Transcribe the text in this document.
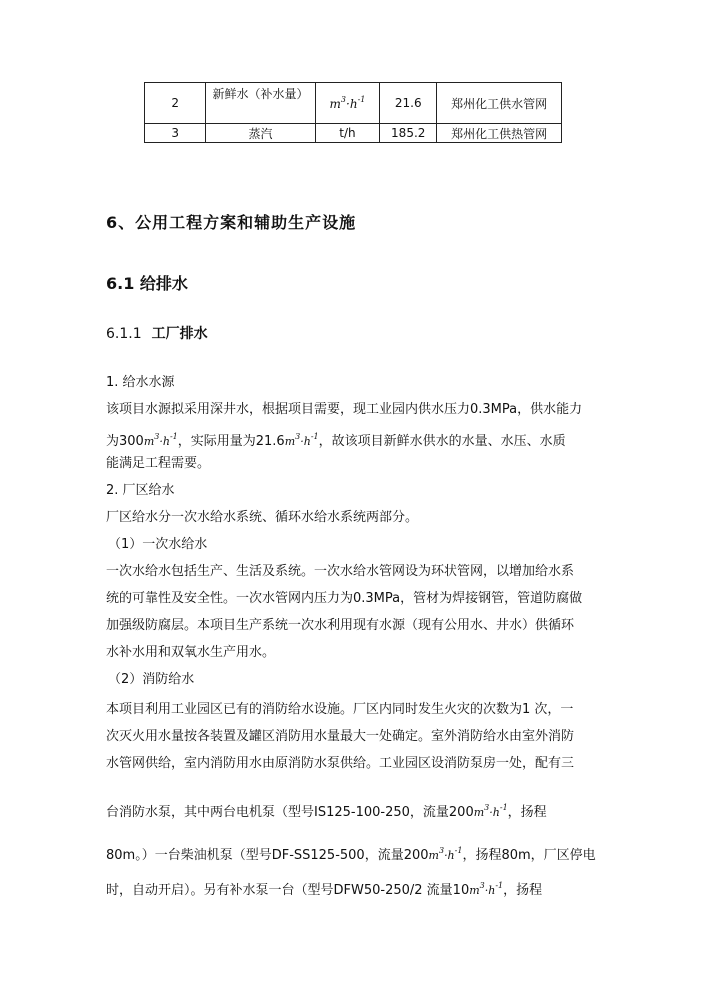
2	新鲜水（补水量）	$m^3\cdot h^{-1}$	21.6	郑州化工供水管网
3	蒸汽	t/h	185.2	郑州化工供热管网
6、公用工程方案和辅助生产设施
6.1 给排水
6.1.1 工厂排水
1. 给水水源
该项目水源拟采用深井水，根据项目需要，现工业园内供水压力0.3MPa，供水能力
为$300m^3\cdot h^{-1}$，实际用量为$21.6m^3\cdot h^{-1}$，故该项目新鲜水供水的水量、水压、水质
能满足工程需要。
2. 厂区给水
厂区给水分一次水给水系统、循环水给水系统两部分。
（1）一次水给水
一次水给水包括生产、生活及系统。一次水给水管网设为环状管网，以增加给水系
统的可靠性及安全性。一次水管网内压力为0.3MPa，管材为焊接钢管，管道防腐做
加强级防腐层。本项目生产系统一次水利用现有水源（现有公用水、井水）供循环
水补水用和双氧水生产用水。
（2）消防给水
本项目利用工业园区已有的消防给水设施。厂区内同时发生火灾的次数为1 次，一
次灭火用水量按各装置及罐区消防用水量最大一处确定。室外消防给水由室外消防
水管网供给，室内消防用水由原消防水泵供给。工业园区设消防泵房一处，配有三
台消防水泵，其中两台电机泵（型号IS125-100-250，流量$200m^3\cdot h^{-1}$，扬程
80m。）一台柴油机泵（型号DF-SS125-500，流量$200m^3\cdot h^{-1}$，扬程80m，厂区停电
时，自动开启）。另有补水泵一台（型号DFW50-250/2 流量$10m^3\cdot h^{-1}$，扬程
